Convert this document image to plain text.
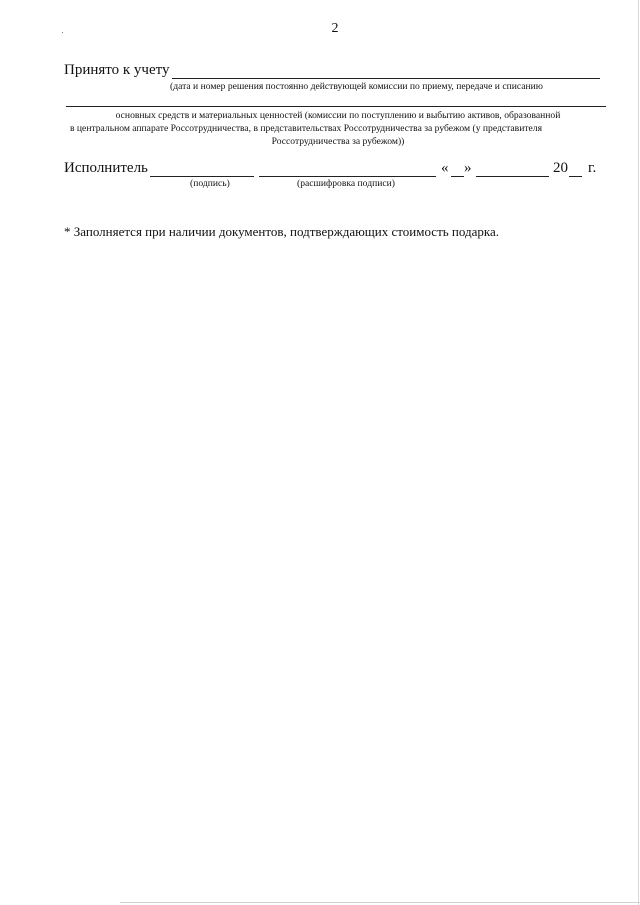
2
Принято к учету
(дата и номер решения постоянно действующей комиссии по приему, передаче и списанию
основных средств и материальных ценностей (комиссии по поступлению и выбытию активов, образованной
в центральном аппарате Россотрудничества, в представительствах Россотрудничества за рубежом (у представителя
Россотрудничества за рубежом))
Исполнитель	« »	20 г.
(подпись)	(расшифровка подписи)
* Заполняется при наличии документов, подтверждающих стоимость подарка.
